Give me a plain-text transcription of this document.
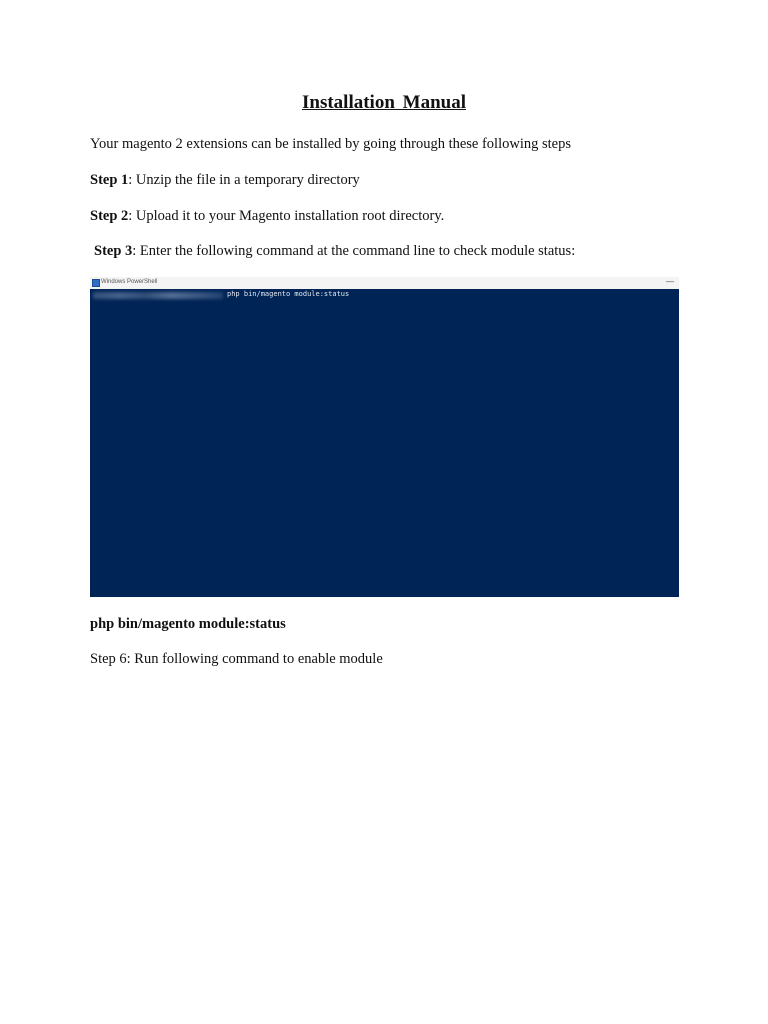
Installation Manual
Your magento 2 extensions can be installed by going through these following steps
Step 1: Unzip the file in a temporary directory
Step 2: Upload it to your Magento installation root directory.
Step 3: Enter the following command at the command line to check module status:
Windows PowerShell	—
php bin/magento module:status
php bin/magento module:status
Step 6: Run following command to enable module
